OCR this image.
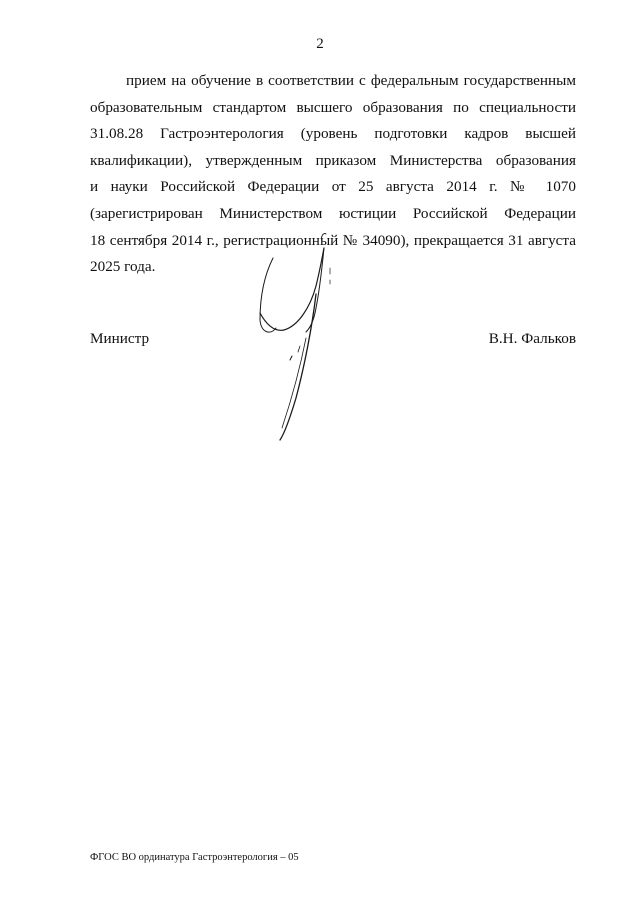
2
прием на обучение в соответствии с федеральным государственным
образовательным стандартом высшего образования по специальности
31.08.28 Гастроэнтерология (уровень подготовки кадров высшей
квалификации), утвержденным приказом Министерства образования
и науки Российской Федерации от 25 августа 2014 г. № 1070
(зарегистрирован Министерством юстиции Российской Федерации
18 сентября 2014 г., регистрационный № 34090), прекращается 31 августа
2025 года.
Министр	В.Н. Фальков
ФГОС ВО ординатура Гастроэнтерология – 05
